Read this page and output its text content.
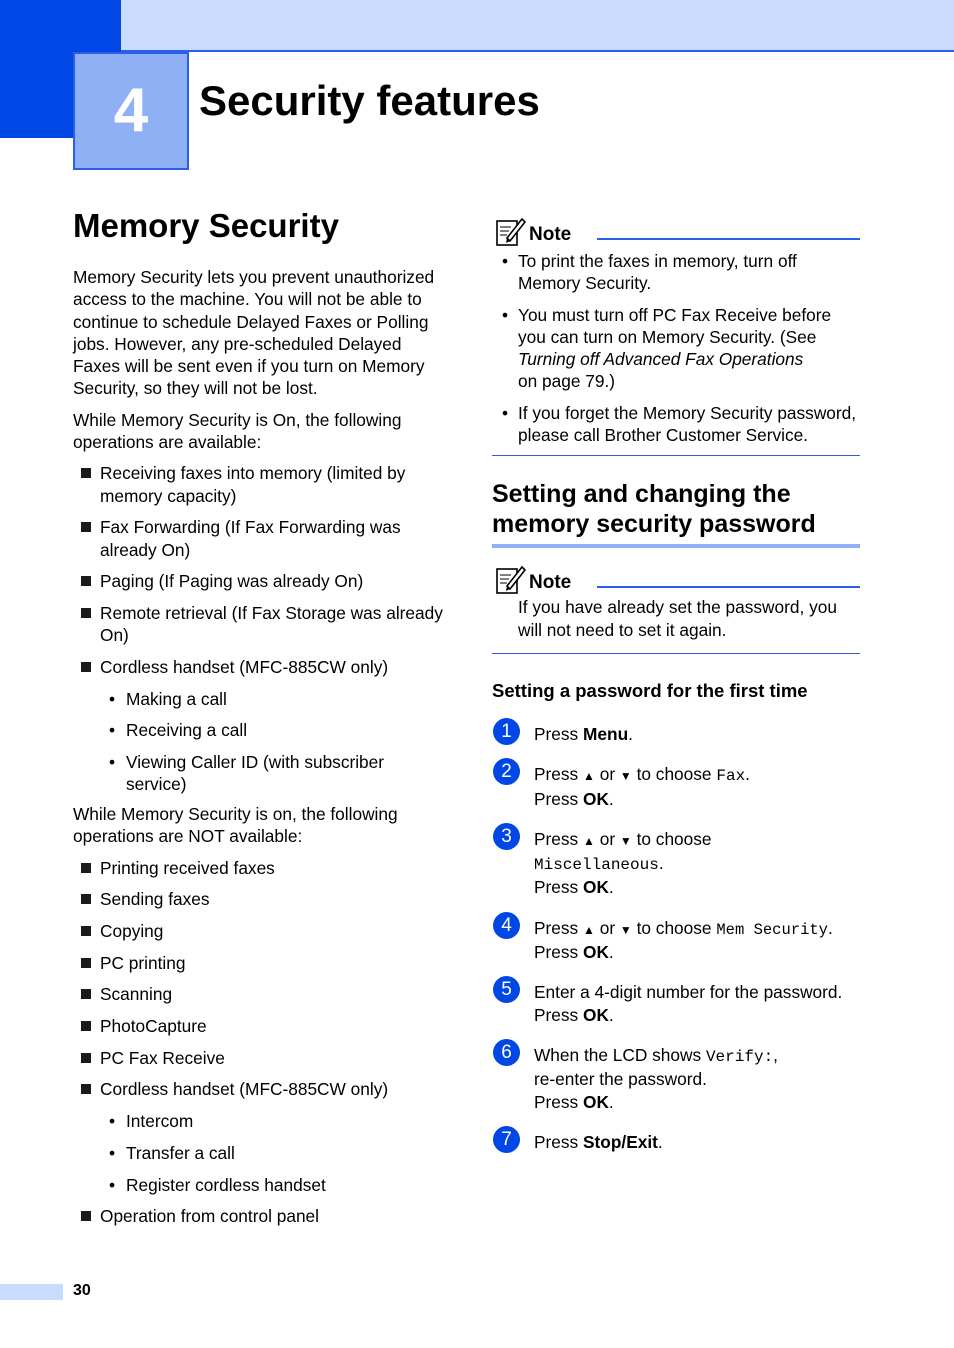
4 Security features
Memory Security

Memory Security lets you prevent unauthorized access to the machine. You will not be able to continue to schedule Delayed Faxes or Polling jobs. However, any pre-scheduled Delayed Faxes will be sent even if you turn on Memory Security, so they will not be lost.

While Memory Security is On, the following operations are available:

Receiving faxes into memory (limited by memory capacity)
Fax Forwarding (If Fax Forwarding was already On)
Paging (If Paging was already On)
Remote retrieval (If Fax Storage was already On)
Cordless handset (MFC-885CW only)
• Making a call
• Receiving a call
• Viewing Caller ID (with subscriber service)

While Memory Security is on, the following operations are NOT available:

Printing received faxes
Sending faxes
Copying
PC printing
Scanning
PhotoCapture
PC Fax Receive
Cordless handset (MFC-885CW only)
• Intercom
• Transfer a call
• Register cordless handset
Operation from control panel
Note
• To print the faxes in memory, turn off Memory Security.
• You must turn off PC Fax Receive before you can turn on Memory Security. (See
Turning off Advanced Fax Operations
on page 79.)
• If you forget the Memory Security password, please call Brother Customer Service.
Setting and changing the memory security password
Note
If you have already set the password, you will not need to set it again.
Setting a password for the first time
1	Press Menu.
2	Press ▲ or ▼ to choose Fax.
Press OK.
3	Press ▲ or ▼ to choose
Miscellaneous.
Press OK.
4	Press ▲ or ▼ to choose Mem Security.
Press OK.
5	Enter a 4-digit number for the password.
Press OK.
6	When the LCD shows Verify:,
re-enter the password.
Press OK.
7	Press Stop/Exit.
30
